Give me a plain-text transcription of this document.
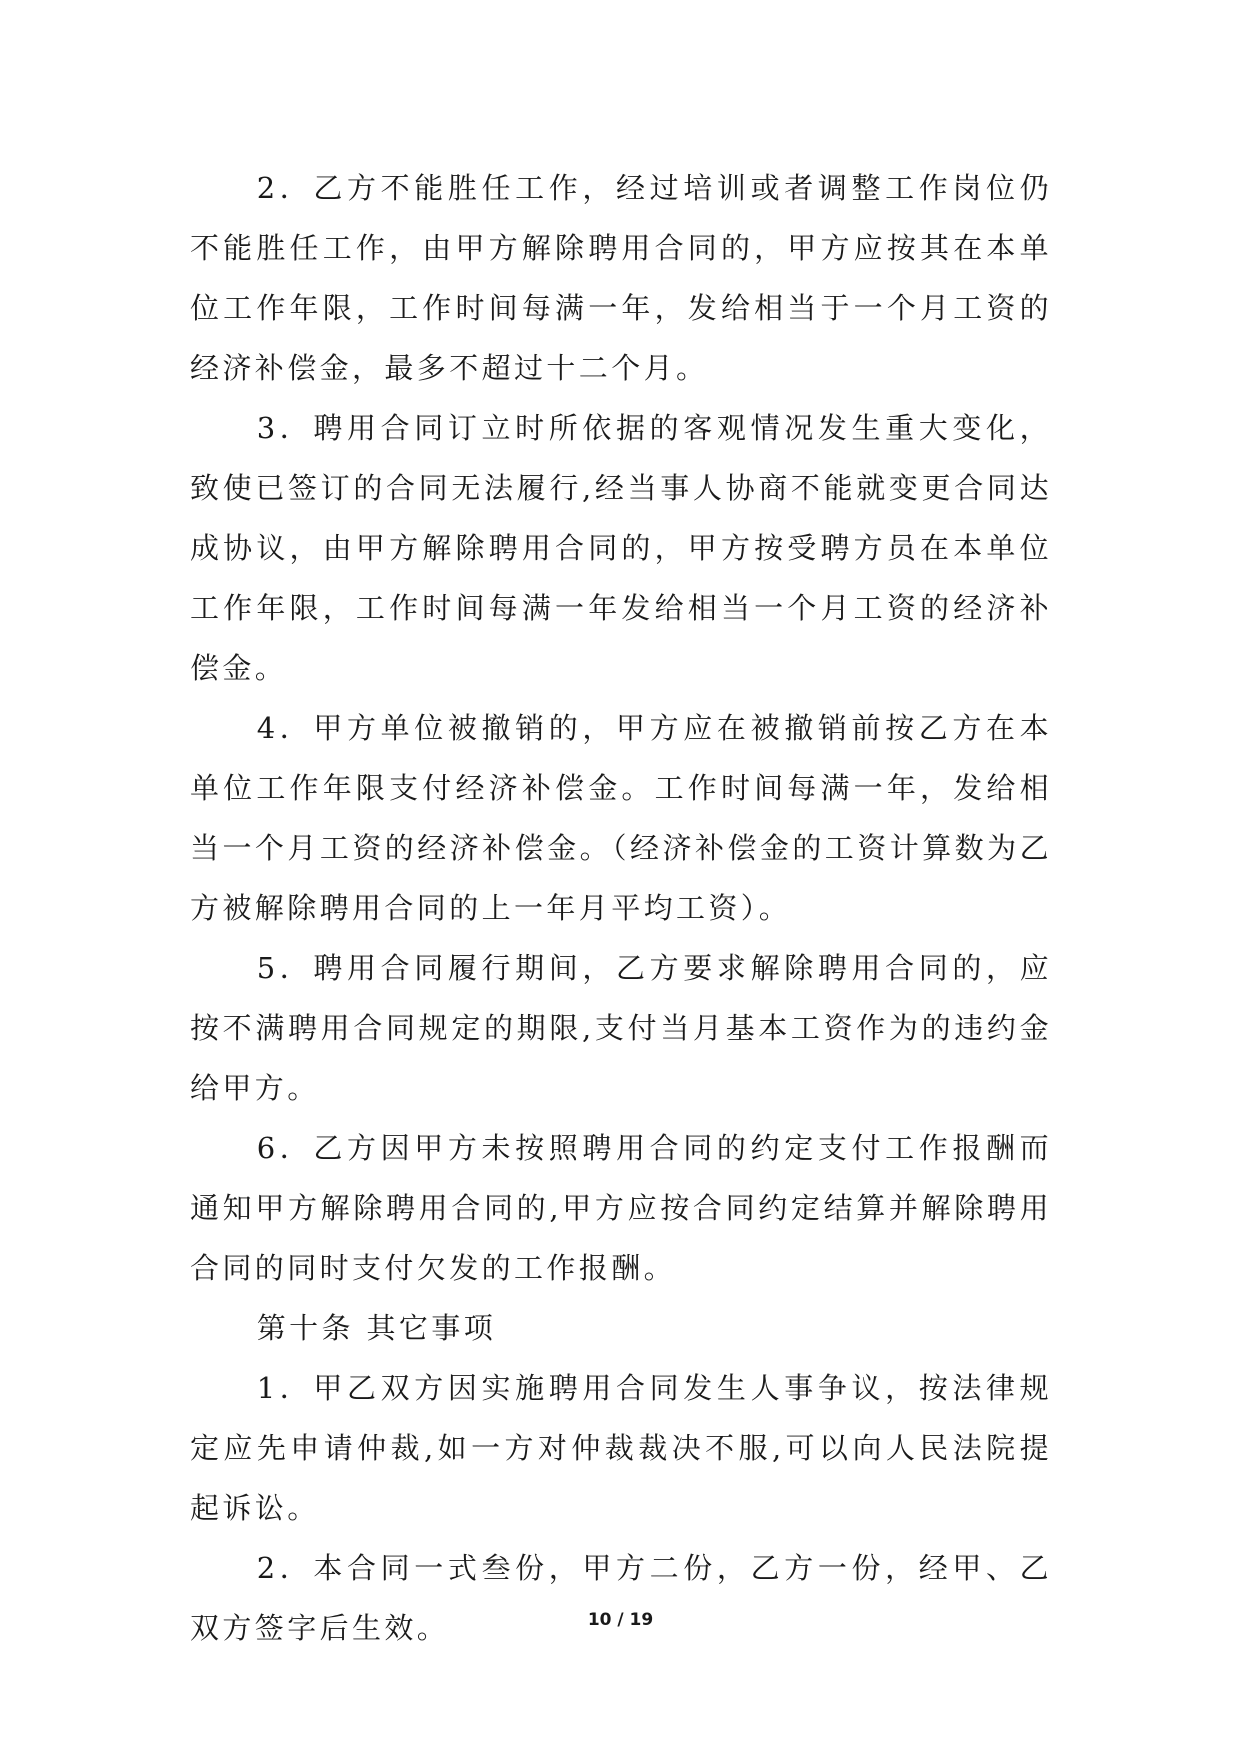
2．乙方不能胜任工作，经过培训或者调整工作岗位仍不能胜任工作，由甲方解除聘用合同的，甲方应按其在本单位工作年限，工作时间每满一年，发给相当于一个月工资的经济补偿金，最多不超过十二个月。

3．聘用合同订立时所依据的客观情况发生重大变化，致使已签订的合同无法履行,经当事人协商不能就变更合同达成协议，由甲方解除聘用合同的，甲方按受聘方员在本单位工作年限，工作时间每满一年发给相当一个月工资的经济补偿金。

4．甲方单位被撤销的，甲方应在被撤销前按乙方在本单位工作年限支付经济补偿金。工作时间每满一年，发给相当一个月工资的经济补偿金。（经济补偿金的工资计算数为乙方被解除聘用合同的上一年月平均工资）。

5．聘用合同履行期间，乙方要求解除聘用合同的，应按不满聘用合同规定的期限,支付当月基本工资作为的违约金给甲方。

6．乙方因甲方未按照聘用合同的约定支付工作报酬而通知甲方解除聘用合同的,甲方应按合同约定结算并解除聘用合同的同时支付欠发的工作报酬。

第十条 其它事项

1．甲乙双方因实施聘用合同发生人事争议，按法律规定应先申请仲裁,如一方对仲裁裁决不服,可以向人民法院提起诉讼。

2．本合同一式叁份，甲方二份，乙方一份，经甲、乙双方签字后生效。	10 / 19
